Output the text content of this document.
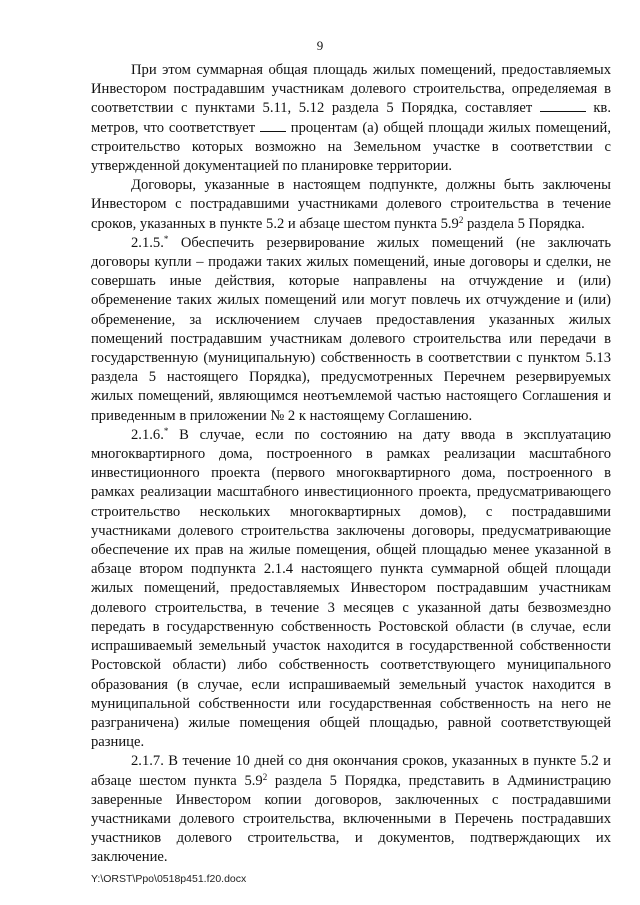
9

При этом суммарная общая площадь жилых помещений, предоставляемых Инвестором пострадавшим участникам долевого строительства, определяемая в соответствии с пунктами 5.11, 5.12 раздела 5 Порядка, составляет	кв. метров, что соответствует процентам (а) общей площади жилых помещений, строительство которых возможно на Земельном участке в соответствии с утвержденной документацией по планировке территории.

Договоры, указанные в настоящем подпункте, должны быть заключены Инвестором с пострадавшими участниками долевого строительства в течение сроков, указанных в пункте 5.2 и абзаце шестом пункта $5.9^2$ раздела 5 Порядка.

2.1.5.* Обеспечить резервирование жилых помещений (не заключать договоры купли – продажи таких жилых помещений, иные договоры и сделки, не совершать иные действия, которые направлены на отчуждение и (или) обременение таких жилых помещений или могут повлечь их отчуждение и (или) обременение, за исключением случаев предоставления указанных жилых помещений пострадавшим участникам долевого строительства или передачи в государственную (муниципальную) собственность в соответствии с пунктом 5.13 раздела 5 настоящего Порядка), предусмотренных Перечнем резервируемых жилых помещений, являющимся неотъемлемой частью настоящего Соглашения и приведенным в приложении № 2 к настоящему Соглашению.

2.1.6.* В случае, если по состоянию на дату ввода в эксплуатацию многоквартирного дома, построенного в рамках реализации масштабного инвестиционного проекта (первого многоквартирного дома, построенного в рамках реализации масштабного инвестиционного проекта, предусматривающего строительство нескольких многоквартирных домов), с пострадавшими участниками долевого строительства заключены договоры, предусматривающие обеспечение их прав на жилые помещения, общей площадью менее указанной в абзаце втором подпункта 2.1.4 настоящего пункта суммарной общей площади жилых помещений, предоставляемых Инвестором пострадавшим участникам долевого строительства, в течение 3 месяцев с указанной даты безвозмездно передать в государственную собственность Ростовской области (в случае, если испрашиваемый земельный участок находится в государственной собственности Ростовской области) либо собственность соответствующего муниципального образования (в случае, если испрашиваемый земельный участок находится в муниципальной собственности или государственная собственность на него не разграничена) жилые помещения общей площадью, равной соответствующей разнице.

2.1.7. В течение 10 дней со дня окончания сроков, указанных в пункте 5.2 и абзаце шестом пункта $5.9^2$ раздела 5 Порядка, представить в Администрацию заверенные Инвестором копии договоров, заключенных с пострадавшими участниками долевого строительства, включенными в Перечень пострадавших участников долевого строительства, и документов, подтверждающих их заключение.

Y:\ORST\Ppo\0518p451.f20.docx
